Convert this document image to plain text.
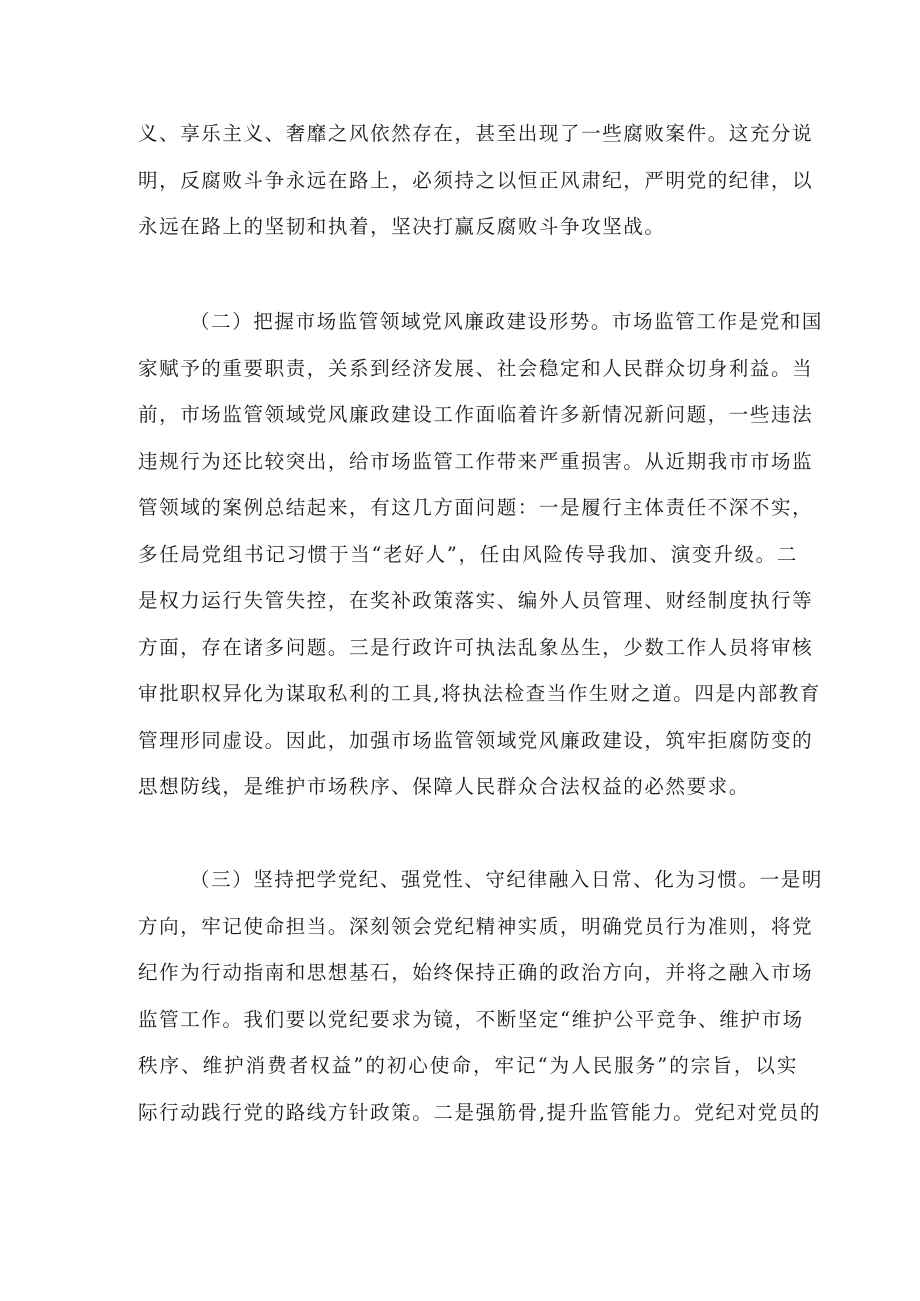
义、享乐主义、奢靡之风依然存在，甚至出现了一些腐败案件。这充分说
明，反腐败斗争永远在路上，必须持之以恒正风肃纪，严明党的纪律，以
永远在路上的坚韧和执着，坚决打赢反腐败斗争攻坚战。
（二）把握市场监管领域党风廉政建设形势。市场监管工作是党和国
家赋予的重要职责，关系到经济发展、社会稳定和人民群众切身利益。当
前，市场监管领域党风廉政建设工作面临着许多新情况新问题，一些违法
违规行为还比较突出，给市场监管工作带来严重损害。从近期我市市场监
管领域的案例总结起来，有这几方面问题：一是履行主体责任不深不实，
多任局党组书记习惯于当“老好人”，任由风险传导我加、演变升级。二
是权力运行失管失控，在奖补政策落实、编外人员管理、财经制度执行等
方面，存在诸多问题。三是行政许可执法乱象丛生，少数工作人员将审核
审批职权异化为谋取私利的工具,将执法检查当作生财之道。四是内部教育
管理形同虚设。因此，加强市场监管领域党风廉政建设，筑牢拒腐防变的
思想防线，是维护市场秩序、保障人民群众合法权益的必然要求。
（三）坚持把学党纪、强党性、守纪律融入日常、化为习惯。一是明
方向，牢记使命担当。深刻领会党纪精神实质，明确党员行为准则，将党
纪作为行动指南和思想基石，始终保持正确的政治方向，并将之融入市场
监管工作。我们要以党纪要求为镜，不断坚定“维护公平竞争、维护市场
秩序、维护消费者权益”的初心使命，牢记“为人民服务”的宗旨，以实
际行动践行党的路线方针政策。二是强筋骨,提升监管能力。党纪对党员的
